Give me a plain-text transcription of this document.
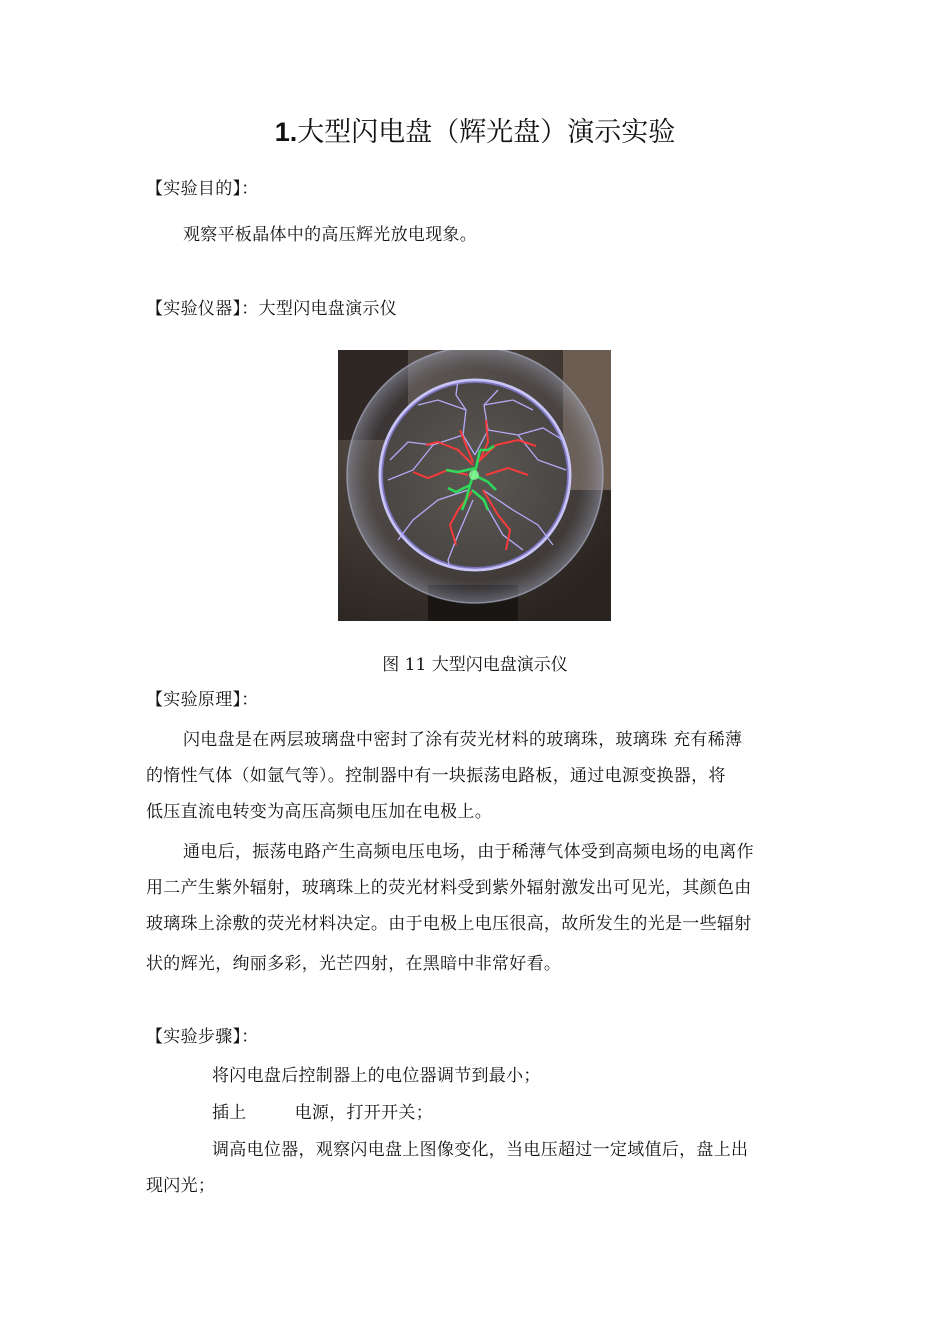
1.大型闪电盘（辉光盘）演示实验
【实验目的】：
观察平板晶体中的高压辉光放电现象。
【实验仪器】：大型闪电盘演示仪
图 11 大型闪电盘演示仪
【实验原理】：
闪电盘是在两层玻璃盘中密封了涂有荧光材料的玻璃珠，玻璃珠 充有稀薄
的惰性气体（如氩气等）。控制器中有一块振荡电路板，通过电源变换器，将
低压直流电转变为高压高频电压加在电极上。
通电后，振荡电路产生高频电压电场，由于稀薄气体受到高频电场的电离作
用二产生紫外辐射，玻璃珠上的荧光材料受到紫外辐射激发出可见光，其颜色由
玻璃珠上涂敷的荧光材料决定。由于电极上电压很高，故所发生的光是一些辐射
状的辉光，绚丽多彩，光芒四射，在黑暗中非常好看。
【实验步骤】：
将闪电盘后控制器上的电位器调节到最小；
插上	电源，打开开关；
调高电位器，观察闪电盘上图像变化，当电压超过一定域值后，盘上出
现闪光；
